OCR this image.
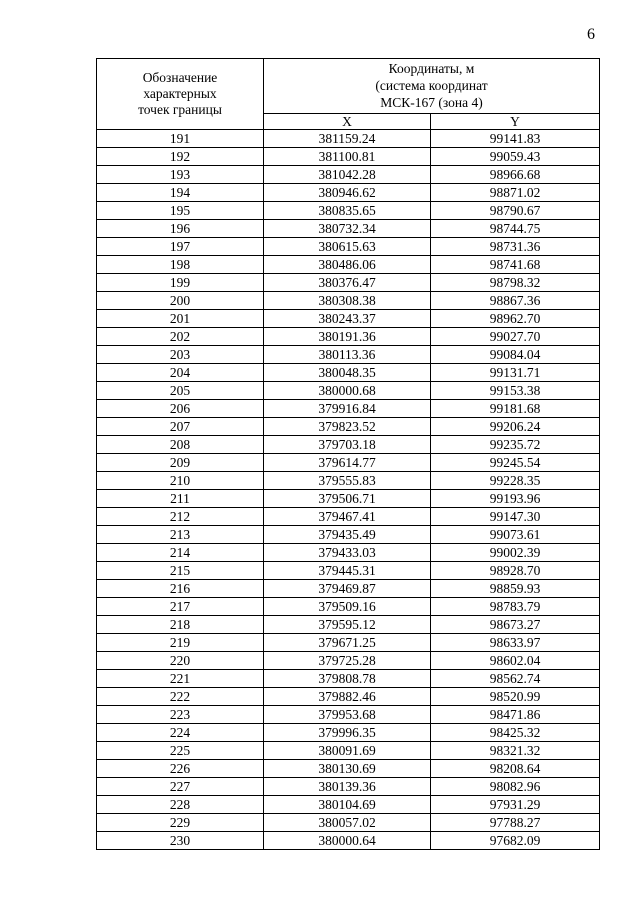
6
Обозначение
характерных
точек границы	Координаты, м
(система координат
МСК-167 (зона 4)	

	X	Y
191	381159.24	99141.83
192	381100.81	99059.43
193	381042.28	98966.68
194	380946.62	98871.02
195	380835.65	98790.67
196	380732.34	98744.75
197	380615.63	98731.36
198	380486.06	98741.68
199	380376.47	98798.32
200	380308.38	98867.36
201	380243.37	98962.70
202	380191.36	99027.70
203	380113.36	99084.04
204	380048.35	99131.71
205	380000.68	99153.38
206	379916.84	99181.68
207	379823.52	99206.24
208	379703.18	99235.72
209	379614.77	99245.54
210	379555.83	99228.35
211	379506.71	99193.96
212	379467.41	99147.30
213	379435.49	99073.61
214	379433.03	99002.39
215	379445.31	98928.70
216	379469.87	98859.93
217	379509.16	98783.79
218	379595.12	98673.27
219	379671.25	98633.97
220	379725.28	98602.04
221	379808.78	98562.74
222	379882.46	98520.99
223	379953.68	98471.86
224	379996.35	98425.32
225	380091.69	98321.32
226	380130.69	98208.64
227	380139.36	98082.96
228	380104.69	97931.29
229	380057.02	97788.27
230	380000.64	97682.09
